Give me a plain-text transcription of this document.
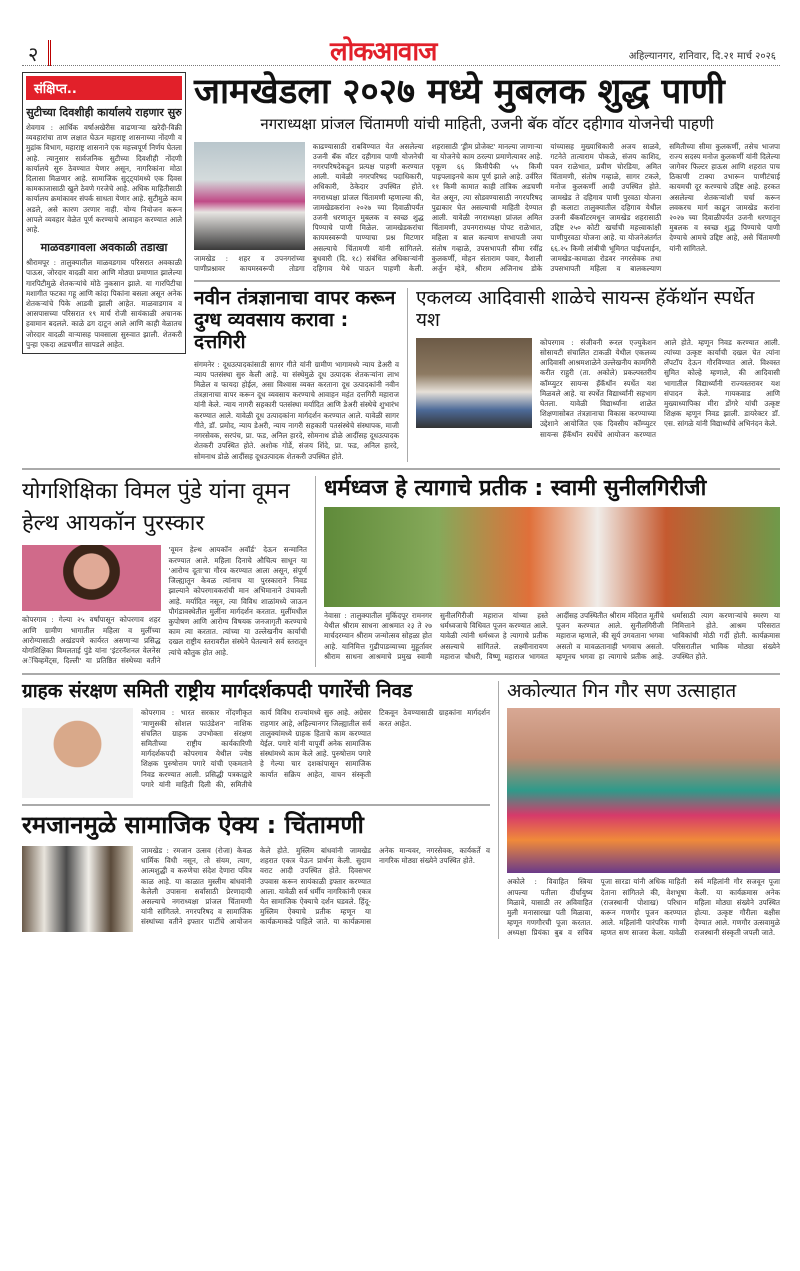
२	लोकआवाज	अहिल्यानगर, शनिवार, दि.२१ मार्च २०२६
संक्षिप्त..
सुटीच्या दिवशीही कार्यालये राहणार सुरु
शेवगाव : आर्थिक वर्षाअखेरीस वाढणाऱ्या खरेदी-विक्री व्यवहारांचा ताण लक्षात घेऊन महाराष्ट्र शासनाच्या नोंदणी व मुद्रांक विभाग, महाराष्ट्र शासनाने एक महत्त्वपूर्ण निर्णय घेतला आहे. त्यानुसार सार्वजनिक सुटीच्या दिवशीही नोंदणी कार्यालये सुरु ठेवण्यात येणार असून, नागरिकांना मोठा दिलासा मिळणार आहे. सामाजिक सुट्ट्यांमध्ये एक दिवस कामकाजासाठी खुले ठेवणे गरजेचे आहे. अधिक माहितीसाठी कार्यालय क्रमांकावर संपर्क साधता येणार आहे. सुटीमुळे काम अडले, असे कारण उरणार नाही. योग्य नियोजन करून आपले व्यवहार वेळेत पूर्ण करण्याचे आवाहन करण्यात आले आहे.
माळवडगावला अवकाळी तडाखा
श्रीरामपूर : तालुक्यातील माळवडगाव परिसरात अवकाळी पाऊस, जोरदार वादळी वारा आणि मोठ्या प्रमाणात झालेल्या गारपिटीमुळे शेतकऱ्यांचे मोठे नुकसान झाले. या गारपिटीचा मशागीत फटका गहू आणि कांदा पिकांना बसला असून अनेक शेतकऱ्यांचे पिके आडवी झाली आहेत. माळवाडगाव व आसपासच्या परिसरात १९ मार्च रोजी सायंकाळी अचानक हवामान बदलले. काळे ढग दाटून आले आणि काही वेळातच जोरदार वादळी वाऱ्यासह पावसाला सुरुवात झाली. शेतकरी पुन्हा एकदा अडचणीत सापडले आहेत.
जामखेडला २०२७ मध्ये मुबलक शुद्ध पाणी
नगराध्यक्षा प्रांजल चिंतामणी यांची माहिती, उजनी बॅक वॉटर दहीगाव योजनेची पाहणी
जामखेड : शहर व उपनगरांच्या पाणीप्रश्नावर कायमस्वरूपी तोडगा काढण्यासाठी राबविण्यात येत असलेल्या उजनी बॅक वॉटर दहीगाव पाणी योजनेची नगरपरिषदेकडून प्रत्यक्ष पाहणी करण्यात आली. यावेळी नगरपरिषद पदाधिकारी, अधिकारी, ठेकेदार उपस्थित होते. नगराध्यक्षा प्रांजल चिंतामणी म्हणाल्या की, जामखेडकरांना २०२७ च्या दिवाळीपर्यंत उजनी धरणातून मुबलक व स्वच्छ शुद्ध पिण्याचे पाणी मिळेल. जामखेडकरांचा कायमस्वरूपी पाण्याचा प्रश्न मिटणार असल्याचे चिंतामणी यांनी सांगितले. बुधवारी (दि. १८) संबंधित अधिकाऱ्यांनी दहिगाव येथे पाऊन पाहणी केली. शहरासाठी 'ड्रीम प्रोजेक्ट' मानल्या जाणाऱ्या या योजनेचे काम ठरल्या प्रमाणेत्यावर आहे. एकूण ६६ किमीपैकी ५५ किमी पाइपलाइनचे काम पूर्ण झाले आहे. उर्वरित ११ किमी कामात काही तांत्रिक अडचणी येत असून, त्या सोडवण्यासाठी नगरपरिषद पुढाकार घेत असल्याची माहिती देण्यात आली. यावेळी नगराध्यक्षा प्रांजल अमित चिंतामणी, उपनगराध्यक्ष पोपट राळेभात, महिला व बाल कल्याण सभापती जया संतोष गव्हाळे, उपसभापती सीमा रवींद्र कुलकर्णी, मोहन संताराम पवार, वैशाली अर्जुन म्हेत्रे, श्रीराम अजिनाथ डोके यांच्यासह मुख्याधिकारी अजय साळवे, गटनेते तात्याराम पोकळे, संजय काशिद, पवन राळेभात, प्रवीण चोरडिया, अमित चिंतामणी, संतोष गव्हाळे, सागर टकले, मनोज कुलकर्णी आदी उपस्थित होते. जामखेड ते दहिगाव पाणी पुरवठा योजना ही कलाटा तालुक्यातील दहिगाव येथील उजनी बॅकवॉटरमधून जामखेड शहरासाठी उद्दिष्ट २५० कोटी खर्चाची महत्त्वाकांक्षी पाणीपुरवठा योजना आहे. या योजनेअंतर्गत ६६.२५ किमी लांबीची भूमिगत पाईपलाईन, जामखेड-कामाळा रोडवर नगरसेवक तथा उपसभापती महिला व बालकल्याण समितीच्या सीमा कुलकर्णी, तसेच भाजपा राज्य सदस्य मनोज कुलकर्णी यांनी दिलेल्या जागेवर फिल्टर हाऊस आणि शहरात पाच ठिकाणी टाक्या उभारून पाणीटंचाई कायमची दूर करण्याचे उद्दिष्ट आहे. हरकत असलेल्या शेतकऱ्यांशी चर्चा करून लवकरच मार्ग काढून जामखेड करांना २०२७ च्या दिवाळीपर्यंत उजनी धरणातून मुबलक व स्वच्छ शुद्ध पिण्याचे पाणी देण्याचे आमचे उद्दिष्ट आहे, असे चिंतामणी यांनी सांगितले.
नवीन तंत्रज्ञानाचा वापर करून दुग्ध व्यवसाय करावा : दत्तगिरी
संगमनेर : दूधउत्पादकांसाठी सागर गीते यांनी ग्रामीण भागामध्ये न्याय डेअरी व न्याय पतसंस्था सुरु केली आहे. या संस्थेमुळे दूध उत्पादक शेतकऱ्यांना लाभ मिळेल व फायदा होईल, असा विश्वास व्यक्त करताना दूध उत्पादकांनी नवीन तंत्रज्ञानाचा वापर करून दूध व्यवसाय करण्याचे आवाहन महंत दत्तगिरी महाराज यांनी केले. न्याय नागरी सहकारी पतसंस्था मर्यादित आणि डेअरी संस्थेचे शुभारंभ करण्यात आले. यावेळी दूध उत्पादकांना मार्गदर्शन करण्यात आले. यावेळी सागर गीते, डॉ. प्रमोद, न्याय डेअरी, न्याय नागरी सहकारी पतसंस्थेचे संस्थापक, माजी नगरसेवक, सरपंच, प्रा. फड, अनिल हारदे, सोमनाथ डोळे आदींसह दूधउत्पादक शेतकरी उपस्थित होते. अशोक गोर्डे, संजय शिंदे, प्रा. फड, अनिल हारदे, सोमनाथ डोळे आदींसह दूधउत्पादक शेतकरी उपस्थित होते.
एकलव्य आदिवासी शाळेचे सायन्स हॅकॅथॉन स्पर्धेत यश
कोपरगाव : संजीवनी रूरल एज्युकेशन सोसायटी संचालित टाकळी येथील एकलव्य आदिवासी आश्रमशाळेने उल्लेखनीय कामगिरी करीत राहुरी (ता. अकोले) प्रकल्पस्तरीय कॉम्प्युटर सायन्स हॅकॅथॉन स्पर्धेत यश मिळवले आहे. या स्पर्धेत विद्यार्थ्यांनी सहभाग घेतला. यावेळी विद्यार्थ्यांना शाळेत शिक्षणासोबत तंत्रज्ञानाचा विकास करण्याच्या उद्देशाने आयोजित एक दिवसीय कॉम्प्युटर सायन्स हॅकॅथॉन स्पर्धेचे आयोजन करण्यात आले होते. म्हणून निवड करण्यात आली. त्यांच्या उत्कृष्ट कार्याची दखल घेत त्यांना लॅपटॉप देऊन गौरविण्यात आले. विश्वस्त सुमित कोल्हे म्हणाले, की आदिवासी भागातील विद्यार्थ्यांनी राज्यस्तरावर यश संपादन केले. गायकवाड आणि मुख्याध्यापिका मीरा डोंगरे यांची उत्कृष्ट शिक्षक म्हणून निवड झाली. डायरेक्टर डॉ. एस. सांगळे यांनी विद्यार्थ्यांचे अभिनंदन केले.
योगशिक्षिका विमल पुंडे यांना वूमन हेल्थ आयकॉन पुरस्कार
कोपरगाव : गेल्या २५ वर्षांपासून कोपरगाव शहर आणि ग्रामीण भागातील महिला व मुलींच्या आरोग्यासाठी अखंडपणे कार्यरत असणाऱ्या प्रसिद्ध योगशिक्षिका विमलताई पुंडे यांना 'इंटरनॅशनल वेलनेस अॅचिव्हमेंट्स, दिल्ली' या प्रतिष्ठित संस्थेच्या वतीने 'वूमन हेल्थ आयकॉन अवॉर्ड' देऊन सन्मानित करण्यात आले. महिला दिनाचे औचित्य साधून या 'आरोग्य दूता'चा गौरव करण्यात आला असून, संपूर्ण जिल्ह्यातून केवळ त्यांनाच या पुरस्काराने निवड झाल्याने कोपरगावकरांची मान अभिमानाने उंचावली आहे. मर्यादित नसून, त्या विविध शाळांमध्ये जाऊन पौगंडावस्थेतील मुलींना मार्गदर्शन करतात. मुलींमधील कुपोषण आणि आरोग्य विषयक जनजागृती करण्याचे काम त्या करतात. त्यांच्या या उल्लेखनीय कार्याची दखल राष्ट्रीय स्तरावरील संस्थेने घेतल्याने सर्व स्तरातून त्यांचे कौतुक होत आहे.
धर्मध्वज हे त्यागाचे प्रतीक : स्वामी सुनीलगिरीजी
नेवासा : तालुक्यातील मुकिंदपूर रामनगर येथील श्रीराम साधना आश्रमात २३ ते २७ मार्चदरम्यान श्रीराम जन्मोत्सव सोहळा होत आहे. यानिमित्त गुढीपाडव्याच्या मुहूर्तावर श्रीराम साधना आश्रमाचे प्रमुख स्वामी सुनीलगिरीजी महाराज यांच्या हस्ते धर्मध्वजाचे विधिवत पूजन करण्यात आले. यावेळी त्यांनी धर्मध्वज हे त्यागाचे प्रतीक असल्याचे सांगितले. लक्ष्मीनारायण महाराज चौधरी, विष्णू महाराज भागवत आदींसह उपस्थितीत श्रीराम मंदिरात मूर्तीचे पूजन करण्यात आले. सुनीलगिरीजी महाराज म्हणाले, की सूर्य उगवताना भगवा असतो व मावळतानाही भगवाच असतो. म्हणूनच भगवा हा त्यागाचे प्रतीक आहे. धर्मासाठी त्याग करणाऱ्यांचे स्मरण या निमित्ताने होते. आश्रम परिसरात भाविकांची मोठी गर्दी होती. कार्यक्रमास परिसरातील भाविक मोठ्या संख्येने उपस्थित होते.
ग्राहक संरक्षण समिती राष्ट्रीय मार्गदर्शकपदी पगारेंची निवड
कोपरगाव : भारत सरकार नोंदणीकृत 'माणुसकी सोशल फाउंडेशन' नाशिक संचलित ग्राहक उपभोक्ता संरक्षण समितीच्या राष्ट्रीय कार्यकारिणी मार्गदर्शकपदी कोपरगाव येथील ज्येष्ठ शिक्षक पुरुषोत्तम पगारे यांची एकमताने निवड करण्यात आली. प्रसिद्धी पत्रकाद्वारे पगारे यांनी माहिती दिली की, समितीचे कार्य विविध राज्यांमध्ये सुरु आहे. अग्रेसर राहणार आहे, अहिल्यानगर जिल्ह्यातील सर्व तालुक्यांमध्ये ग्राहक हिताचे काम करण्यात येईल. पगारे यांनी यापूर्वी अनेक सामाजिक संस्थांमध्ये काम केले आहे. पुरुषोत्तम पगारे हे गेल्या चार दशकांपासून सामाजिक कार्यात सक्रिय आहेत, वाचन संस्कृती टिकवून ठेवण्यासाठी ग्राहकांना मार्गदर्शन करत आहेत.
रमजानमुळे सामाजिक ऐक्य : चिंतामणी
जामखेड : रमजान उत्सव (रोजा) केवळ धार्मिक विधी नसून, तो संयम, त्याग, आत्मशुद्धी व करुणेचा संदेश देणारा पवित्र काळ आहे. या काळात मुस्लीम बांधवांनी केलेली उपासना सर्वांसाठी प्रेरणादायी असल्याचे नगराध्यक्षा प्रांजल चिंतामणी यांनी सांगितले. नगरपरिषद व सामाजिक संस्थांच्या वतीने इफ्तार पार्टीचे आयोजन केले होते. मुस्लिम बांधवांनी जामखेड शहरात एकत्र येऊन प्रार्थना केली. सुदाम वराट आदी उपस्थित होते. दिवसभर उपवास करून सायंकाळी इफ्तार करण्यात आला. यावेळी सर्व धर्मीय नागरिकांनी एकत्र येत सामाजिक ऐक्याचे दर्शन घडवले. हिंदू-मुस्लिम ऐक्याचे प्रतीक म्हणून या कार्यक्रमाकडे पाहिले जाते. या कार्यक्रमास अनेक मान्यवर, नगरसेवक, कार्यकर्ते व नागरिक मोठ्या संख्येने उपस्थित होते.
अकोल्यात गिन गौर सण उत्साहात
अकोले : विवाहित स्त्रिया आपल्या पतीला दीर्घायुष्य मिळावे, यासाठी तर अविवाहित मुली मनासारखा पती मिळावा, म्हणून गणगौरची पूजा करतात. अध्यक्षा प्रियंका बुब व सचिव पूजा सारडा यांनी अधिक माहिती देताना सांगितले की, वेशभूषा (राजस्थानी पोशाख) परिधान करून गणगौर पूजन करण्यात आले. महिलांनी पारंपरिक गाणी म्हणत सण साजरा केला. यावेळी सर्व महिलांनी गौर सजवून पूजा केली. या कार्यक्रमास अनेक महिला मोठ्या संख्येने उपस्थित होत्या. उत्कृष्ट गौरीला बक्षीस देण्यात आले. गणगौर उत्सवामुळे राजस्थानी संस्कृती जपली जाते.
